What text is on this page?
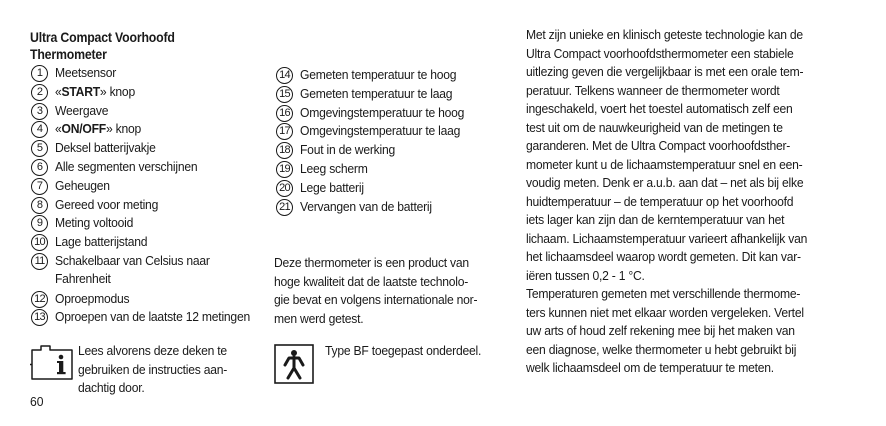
Ultra Compact Voorhoofd
Thermometer
1 Meetsensor
2 «START» knop
3 Weergave
4 «ON/OFF» knop
5 Deksel batterijvakje
6 Alle segmenten verschijnen
7 Geheugen
8 Gereed voor meting
9 Meting voltooid
10 Lage batterijstand
11 Schakelbaar van Celsius naar
Fahrenheit
12 Oproepmodus
13 Oproepen van de laatste 12 metingen
14 Gemeten temperatuur te hoog
15 Gemeten temperatuur te laag
16 Omgevingstemperatuur te hoog
17 Omgevingstemperatuur te laag
18 Fout in de werking
19 Leeg scherm
20 Lege batterij
21 Vervangen van de batterij
Deze thermometer is een product van
hoge kwaliteit dat de laatste technolo-
gie bevat en volgens internationale nor-
men werd getest.
Lees alvorens deze deken te
gebruiken de instructies aan-
dachtig door.
Type BF toegepast onderdeel.
60

Met zijn unieke en klinisch geteste technologie kan de
Ultra Compact voorhoofdsthermometer een stabiele
uitlezing geven die vergelijkbaar is met een orale tem-
peratuur. Telkens wanneer de thermometer wordt
ingeschakeld, voert het toestel automatisch zelf een
test uit om de nauwkeurigheid van de metingen te
garanderen. Met de Ultra Compact voorhoofdsther-
mometer kunt u de lichaamstemperatuur snel en een-
voudig meten. Denk er a.u.b. aan dat – net als bij elke
huidtemperatuur – de temperatuur op het voorhoofd
iets lager kan zijn dan de kerntemperatuur van het
lichaam. Lichaamstemperatuur varieert afhankelijk van
het lichaamsdeel waarop wordt gemeten. Dit kan var-
iëren tussen 0,2 - 1 °C.

Temperaturen gemeten met verschillende thermome-
ters kunnen niet met elkaar worden vergeleken. Vertel
uw arts of houd zelf rekening mee bij het maken van
een diagnose, welke thermometer u hebt gebruikt bij
welk lichaamsdeel om de temperatuur te meten.
